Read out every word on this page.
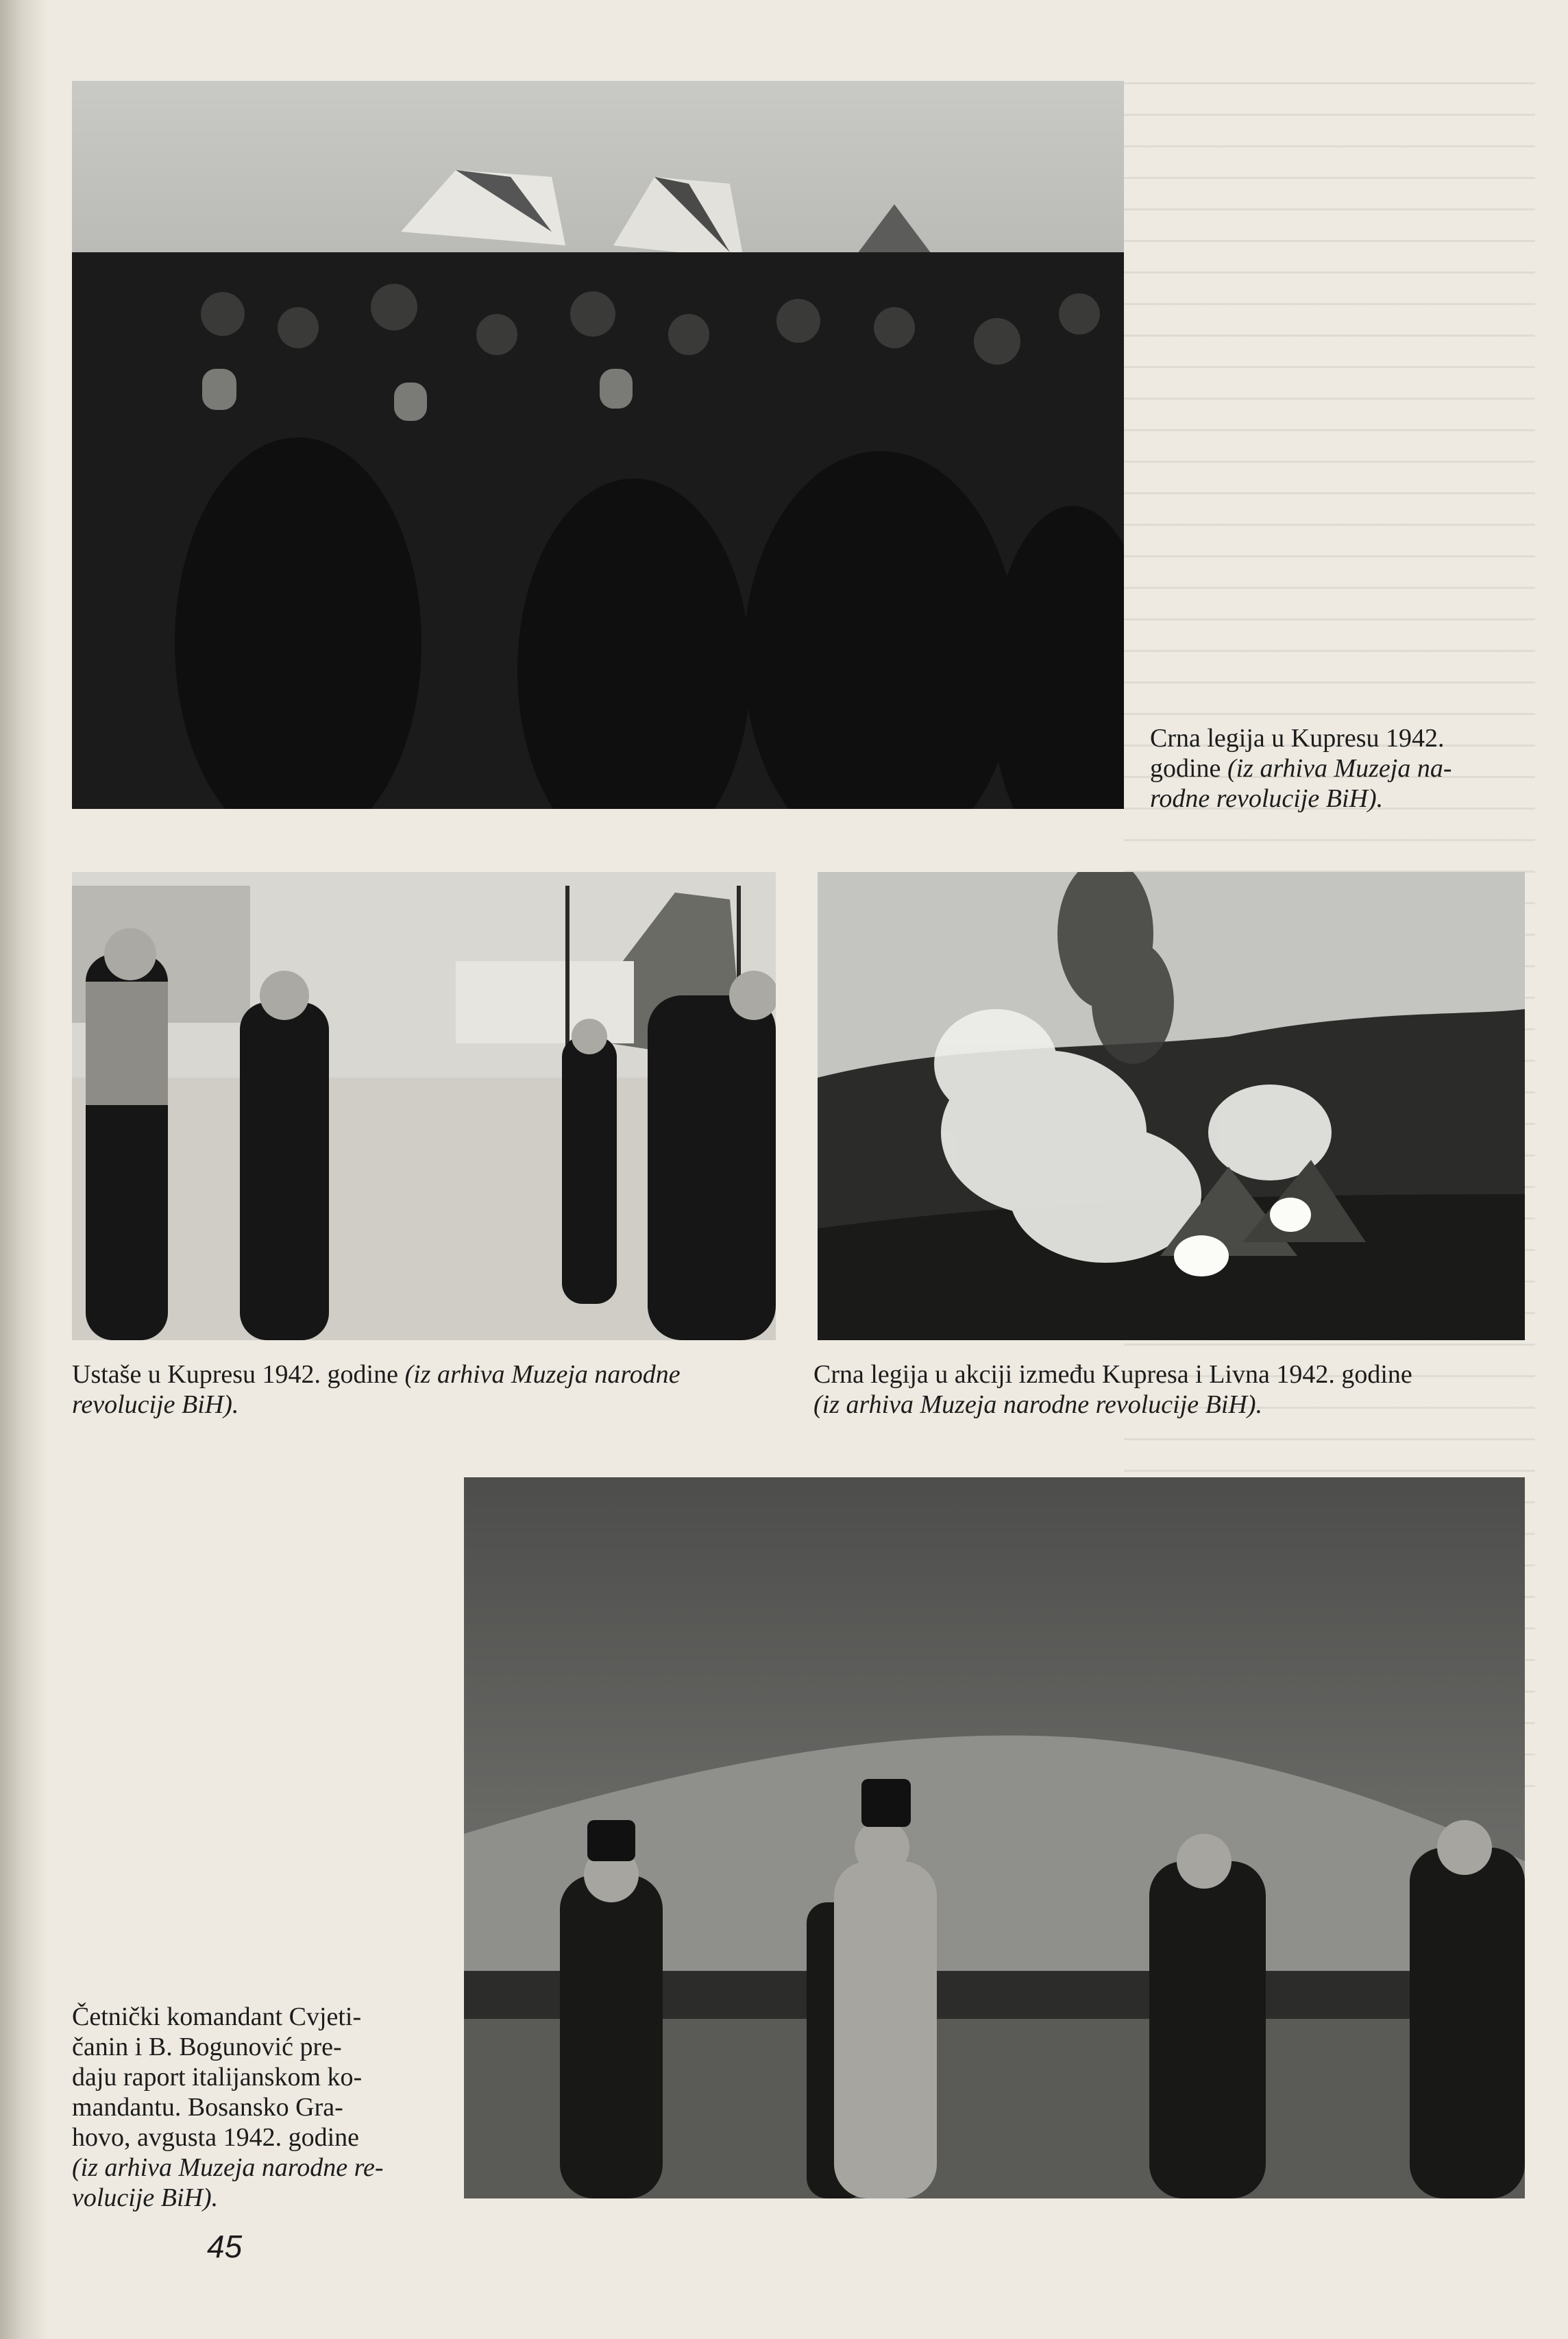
Crna legija u Kupresu 1942.
godine (iz arhiva Muzeja na-
rodne revolucije BiH).

Ustaše u Kupresu 1942. godine (iz arhiva Muzeja narodne
revolucije BiH).

Crna legija u akciji između Kupresa i Livna 1942. godine
(iz arhiva Muzeja narodne revolucije BiH).

Četnički komandant Cvjeti-
čanin i B. Bogunović pre-
daju raport italijanskom ko-
mandantu. Bosansko Gra-
hovo, avgusta 1942. godine
(iz arhiva Muzeja narodne re-
volucije BiH).

45
